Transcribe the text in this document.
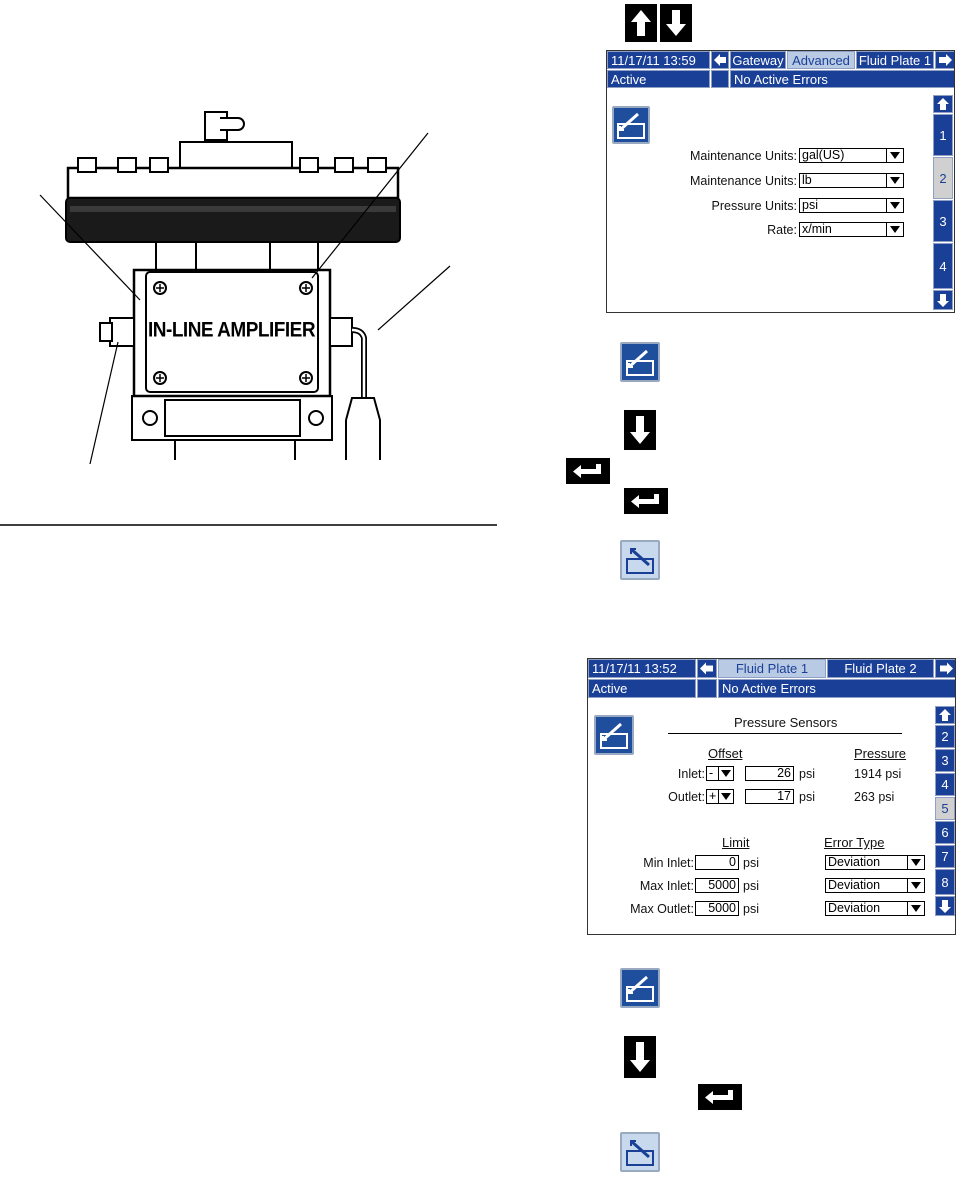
IN-LINE AMPLIFIER
11/17/11 13:59	Gateway Advanced Fluid Plate 1
Active	No Active Errors
Maintenance Units: gal(US)
Maintenance Units: lb
Pressure Units: psi
Rate: x/min
1
2
3
4
11/17/11 13:52	Fluid Plate 1	Fluid Plate 2
Active	No Active Errors
Pressure Sensors
Offset	Pressure
Inlet: -	26 psi	1914 psi
Outlet: +	17 psi	263 psi
Limit	Error Type
Min Inlet:	0 psi	Deviation
Max Inlet:	5000 psi	Deviation
Max Outlet:	5000 psi	Deviation
2
3
4
5
6
7
8
